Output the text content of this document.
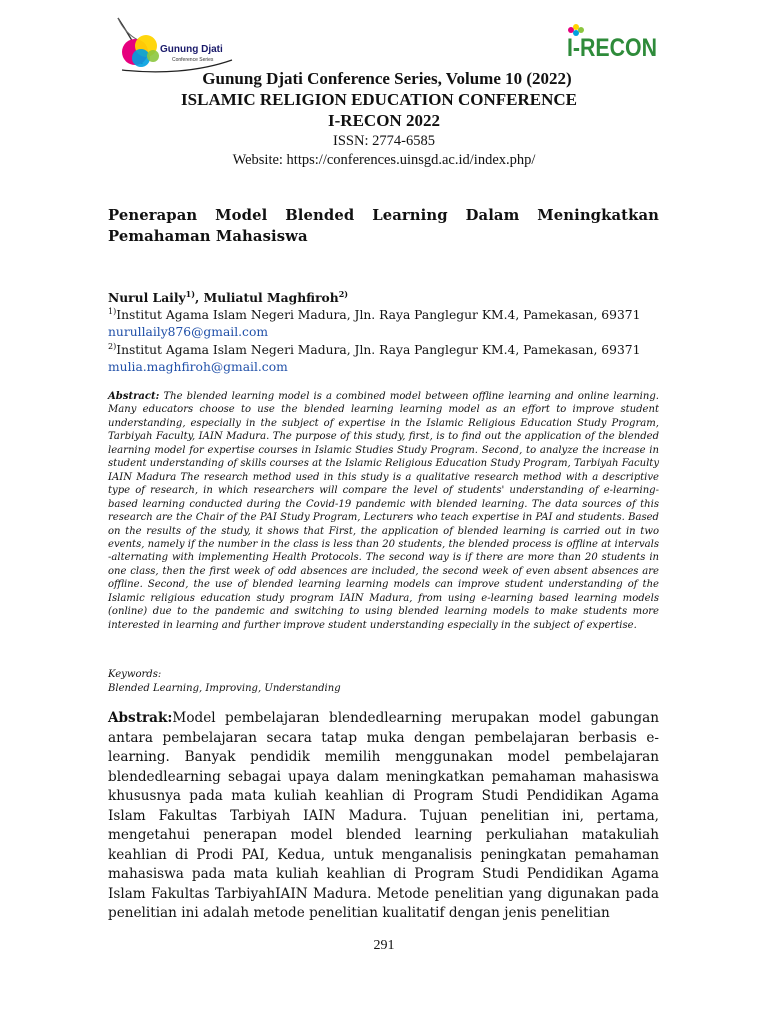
Gunung Djati
Conference Series	I-RECON
Gunung Djati Conference Series, Volume 10 (2022)
ISLAMIC RELIGION EDUCATION CONFERENCE
I-RECON 2022
ISSN: 2774-6585
Website: https://conferences.uinsgd.ac.id/index.php/
Penerapan Model Blended Learning Dalam Meningkatkan Pemahaman Mahasiswa
Nurul Laily$^{1)}$, Muliatul Maghfiroh$^{2)}$
$^{1)}$Institut Agama Islam Negeri Madura, Jln. Raya Panglegur KM.4, Pamekasan, 69371
nurullaily876@gmail.com
$^{2)}$Institut Agama Islam Negeri Madura, Jln. Raya Panglegur KM.4, Pamekasan, 69371
mulia.maghfiroh@gmail.com
Abstract: The blended learning model is a combined model between offline learning and online learning. Many educators choose to use the blended learning learning model as an effort to improve student understanding, especially in the subject of expertise in the Islamic Religious Education Study Program, Tarbiyah Faculty, IAIN Madura. The purpose of this study, first, is to find out the application of the blended learning model for expertise courses in Islamic Studies Study Program. Second, to analyze the increase in student understanding of skills courses at the Islamic Religious Education Study Program, Tarbiyah Faculty IAIN Madura The research method used in this study is a qualitative research method with a descriptive type of research, in which researchers will compare the level of students' understanding of e-learning-based learning conducted during the Covid-19 pandemic with blended learning. The data sources of this research are the Chair of the PAI Study Program, Lecturers who teach expertise in PAI and students. Based on the results of the study, it shows that First, the application of blended learning is carried out in two events, namely if the number in the class is less than 20 students, the blended process is offline at intervals -alternating with implementing Health Protocols. The second way is if there are more than 20 students in one class, then the first week of odd absences are included, the second week of even absent absences are offline. Second, the use of blended learning learning models can improve student understanding of the Islamic religious education study program IAIN Madura, from using e-learning based learning models (online) due to the pandemic and switching to using blended learning models to make students more interested in learning and further improve student understanding especially in the subject of expertise.
Keywords:
Blended Learning, Improving, Understanding
Abstrak:Model pembelajaran blendedlearning merupakan model gabungan antara pembelajaran secara tatap muka dengan pembelajaran berbasis e-learning. Banyak pendidik memilih menggunakan model pembelajaran blendedlearning sebagai upaya dalam meningkatkan pemahaman mahasiswa khususnya pada mata kuliah keahlian di Program Studi Pendidikan Agama Islam Fakultas Tarbiyah IAIN Madura. Tujuan penelitian ini, pertama, mengetahui penerapan model blended learning perkuliahan matakuliah keahlian di Prodi PAI, Kedua, untuk menganalisis peningkatan pemahaman mahasiswa pada mata kuliah keahlian di Program Studi Pendidikan Agama Islam Fakultas TarbiyahIAIN Madura. Metode penelitian yang digunakan pada penelitian ini adalah metode penelitian kualitatif dengan jenis penelitian
291
